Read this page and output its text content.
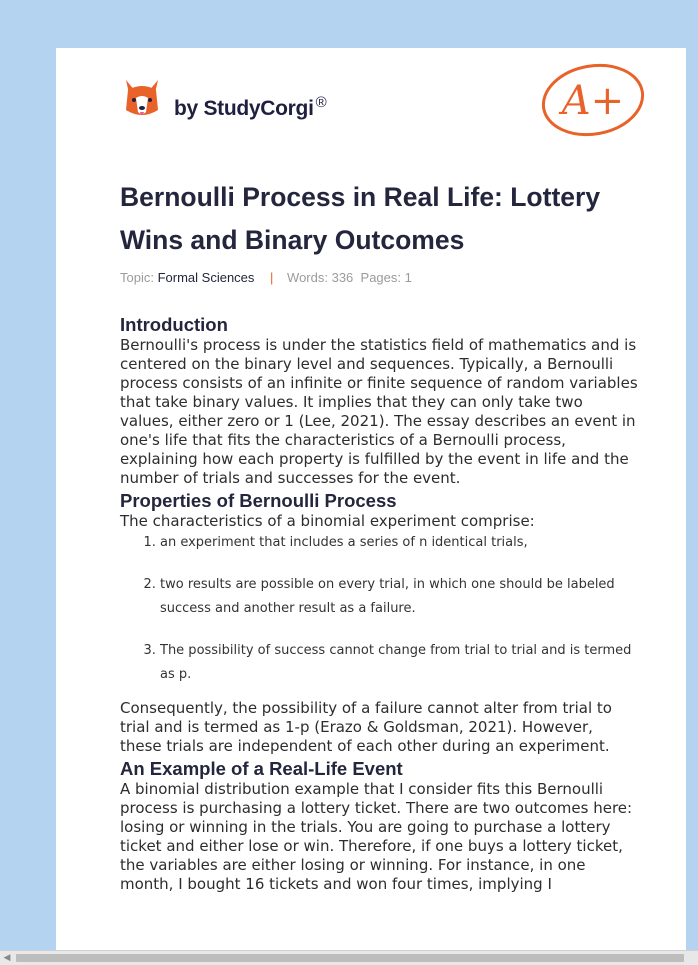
by StudyCorgi ®	A+
Bernoulli Process in Real Life: Lottery Wins and Binary Outcomes
Topic: Formal Sciences | Words: 336 Pages: 1
Introduction

Bernoulli's process is under the statistics field of mathematics and is centered on the binary level and sequences. Typically, a Bernoulli process consists of an infinite or finite sequence of random variables that take binary values. It implies that they can only take two values, either zero or 1 (Lee, 2021). The essay describes an event in one's life that fits the characteristics of a Bernoulli process, explaining how each property is fulfilled by the event in life and the number of trials and successes for the event.

Properties of Bernoulli Process

The characteristics of a binomial experiment comprise:

1. an experiment that includes a series of n identical trials,
2. two results are possible on every trial, in which one should be labeled success and another result as a failure.
3. The possibility of success cannot change from trial to trial and is termed as p.

Consequently, the possibility of a failure cannot alter from trial to trial and is termed as 1-p (Erazo & Goldsman, 2021). However, these trials are independent of each other during an experiment.

An Example of a Real-Life Event

A binomial distribution example that I consider fits this Bernoulli process is purchasing a lottery ticket. There are two outcomes here: losing or winning in the trials. You are going to purchase a lottery ticket and either lose or win. Therefore, if one buys a lottery ticket, the variables are either losing or winning. For instance, in one month, I bought 16 tickets and won four times, implying I

◀
